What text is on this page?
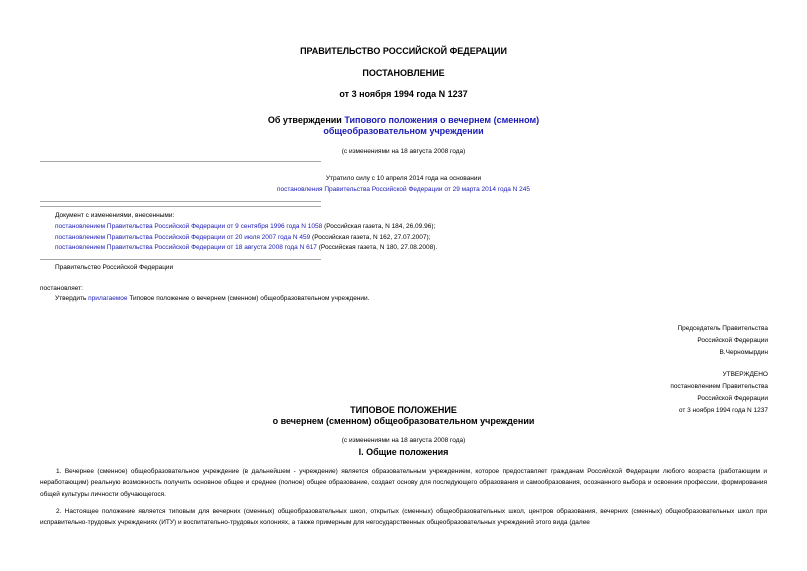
ПРАВИТЕЛЬСТВО РОССИЙСКОЙ ФЕДЕРАЦИИ
ПОСТАНОВЛЕНИЕ
от 3 ноября 1994 года N 1237
Об утверждении Типового положения о вечернем (сменном)
общеобразовательном учреждении
(с изменениями на 18 августа 2008 года)
Утратило силу с 10 апреля 2014 года на основании
постановления Правительства Российской Федерации от 29 марта 2014 года N 245
Документ с изменениями, внесенными:
постановлением Правительства Российской Федерации от 9 сентября 1996 года N 1058 (Российская газета, N 184, 26.09.96);
постановлением Правительства Российской Федерации от 20 июля 2007 года N 459 (Российская газета, N 162, 27.07.2007);
постановлением Правительства Российской Федерации от 18 августа 2008 года N 617 (Российская газета, N 180, 27.08.2008).
Правительство Российской Федерации
постановляет:
Утвердить прилагаемое Типовое положение о вечернем (сменном) общеобразовательном учреждении.
Председатель Правительства
Российской Федерации
В.Черномырдин
УТВЕРЖДЕНО
постановлением Правительства
Российской Федерации
от 3 ноября 1994 года N 1237
ТИПОВОЕ ПОЛОЖЕНИЕ
о вечернем (сменном) общеобразовательном учреждении
(с изменениями на 18 августа 2008 года)
I. Общие положения
1. Вечернее (сменное) общеобразовательное учреждение (в дальнейшем - учреждение) является образовательным учреждением, которое предоставляет гражданам Российской Федерации любого возраста (работающим и неработающим) реальную возможность получить основное общее и среднее (полное) общее образование, создает основу для последующего образования и самообразования, осознанного выбора и освоения профессии, формирования общей культуры личности обучающегося.
2. Настоящее положение является типовым для вечерних (сменных) общеобразовательных школ, открытых (сменных) общеобразовательных школ, центров образования, вечерних (сменных) общеобразовательных школ при исправительно-трудовых учреждениях (ИТУ) и воспитательно-трудовых колониях, а также примерным для негосударственных общеобразовательных учреждений этого вида (далее
